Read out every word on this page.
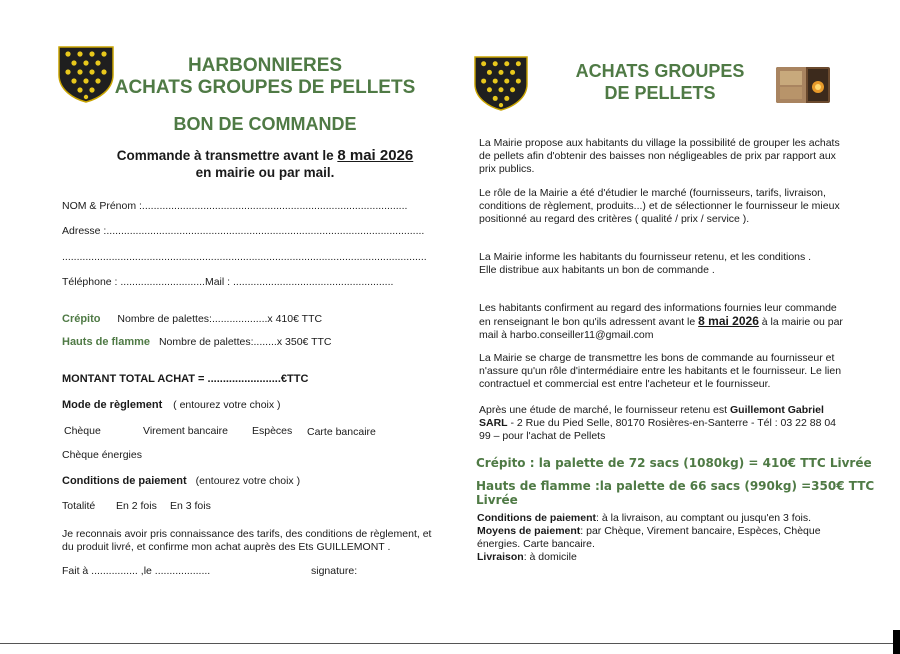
HARBONNIERES
ACHATS GROUPES DE PELLETS
BON DE COMMANDE
Commande à transmettre avant le 8 mai 2026
en mairie ou par mail.
NOM & Prénom :...........................................................................................
Adresse :.............................................................................................................
.............................................................................................................................
Téléphone : .............................Mail : .......................................................
Crépito Nombre de palettes:...................x 410€ TTC
Hauts de flamme Nombre de palettes:........x 350€ TTC
MONTANT TOTAL ACHAT = ........................€TTC
Mode de règlement ( entourez votre choix )
Chèque	Virement bancaire Espèces Carte bancaire
Chèque énergies
Conditions de paiement (entourez votre choix )
Totalité En 2 fois En 3 fois
Je reconnais avoir pris connaissance des tarifs, des conditions de règlement, et du produit livré, et confirme mon achat auprès des Ets GUILLEMONT .
Fait à ................ ,le ...................	signature:
ACHATS GROUPES
DE PELLETS
La Mairie propose aux habitants du village la possibilité de grouper les achats de pellets afin d'obtenir des baisses non négligeables de prix par rapport aux prix publics.
Le rôle de la Mairie a été d'étudier le marché (fournisseurs, tarifs, livraison, conditions de règlement, produits...) et de sélectionner le fournisseur le mieux positionné au regard des critères ( qualité / prix / service ).
La Mairie informe les habitants du fournisseur retenu, et les conditions .
Elle distribue aux habitants un bon de commande .
Les habitants confirment au regard des informations fournies leur commande en renseignant le bon qu'ils adressent avant le 8 mai 2026 à la mairie ou par mail à harbo.conseiller11@gmail.com
La Mairie se charge de transmettre les bons de commande au fournisseur et n'assure qu'un rôle d'intermédiaire entre les habitants et le fournisseur. Le lien contractuel et commercial est entre l'acheteur et le fournisseur.
Après une étude de marché, le fournisseur retenu est Guillemont Gabriel SARL - 2 Rue du Pied Selle, 80170 Rosières-en-Santerre - Tél : 03 22 88 04 99 – pour l'achat de Pellets
Crépito : la palette de 72 sacs (1080kg) = 410€ TTC Livrée
Hauts de flamme :la palette de 66 sacs (990kg) =350€ TTC Livrée
Conditions de paiement: à la livraison, au comptant ou jusqu'en 3 fois.
Moyens de paiement: par Chèque, Virement bancaire, Espèces, Chèque énergies. Carte bancaire.
Livraison: à domicile
